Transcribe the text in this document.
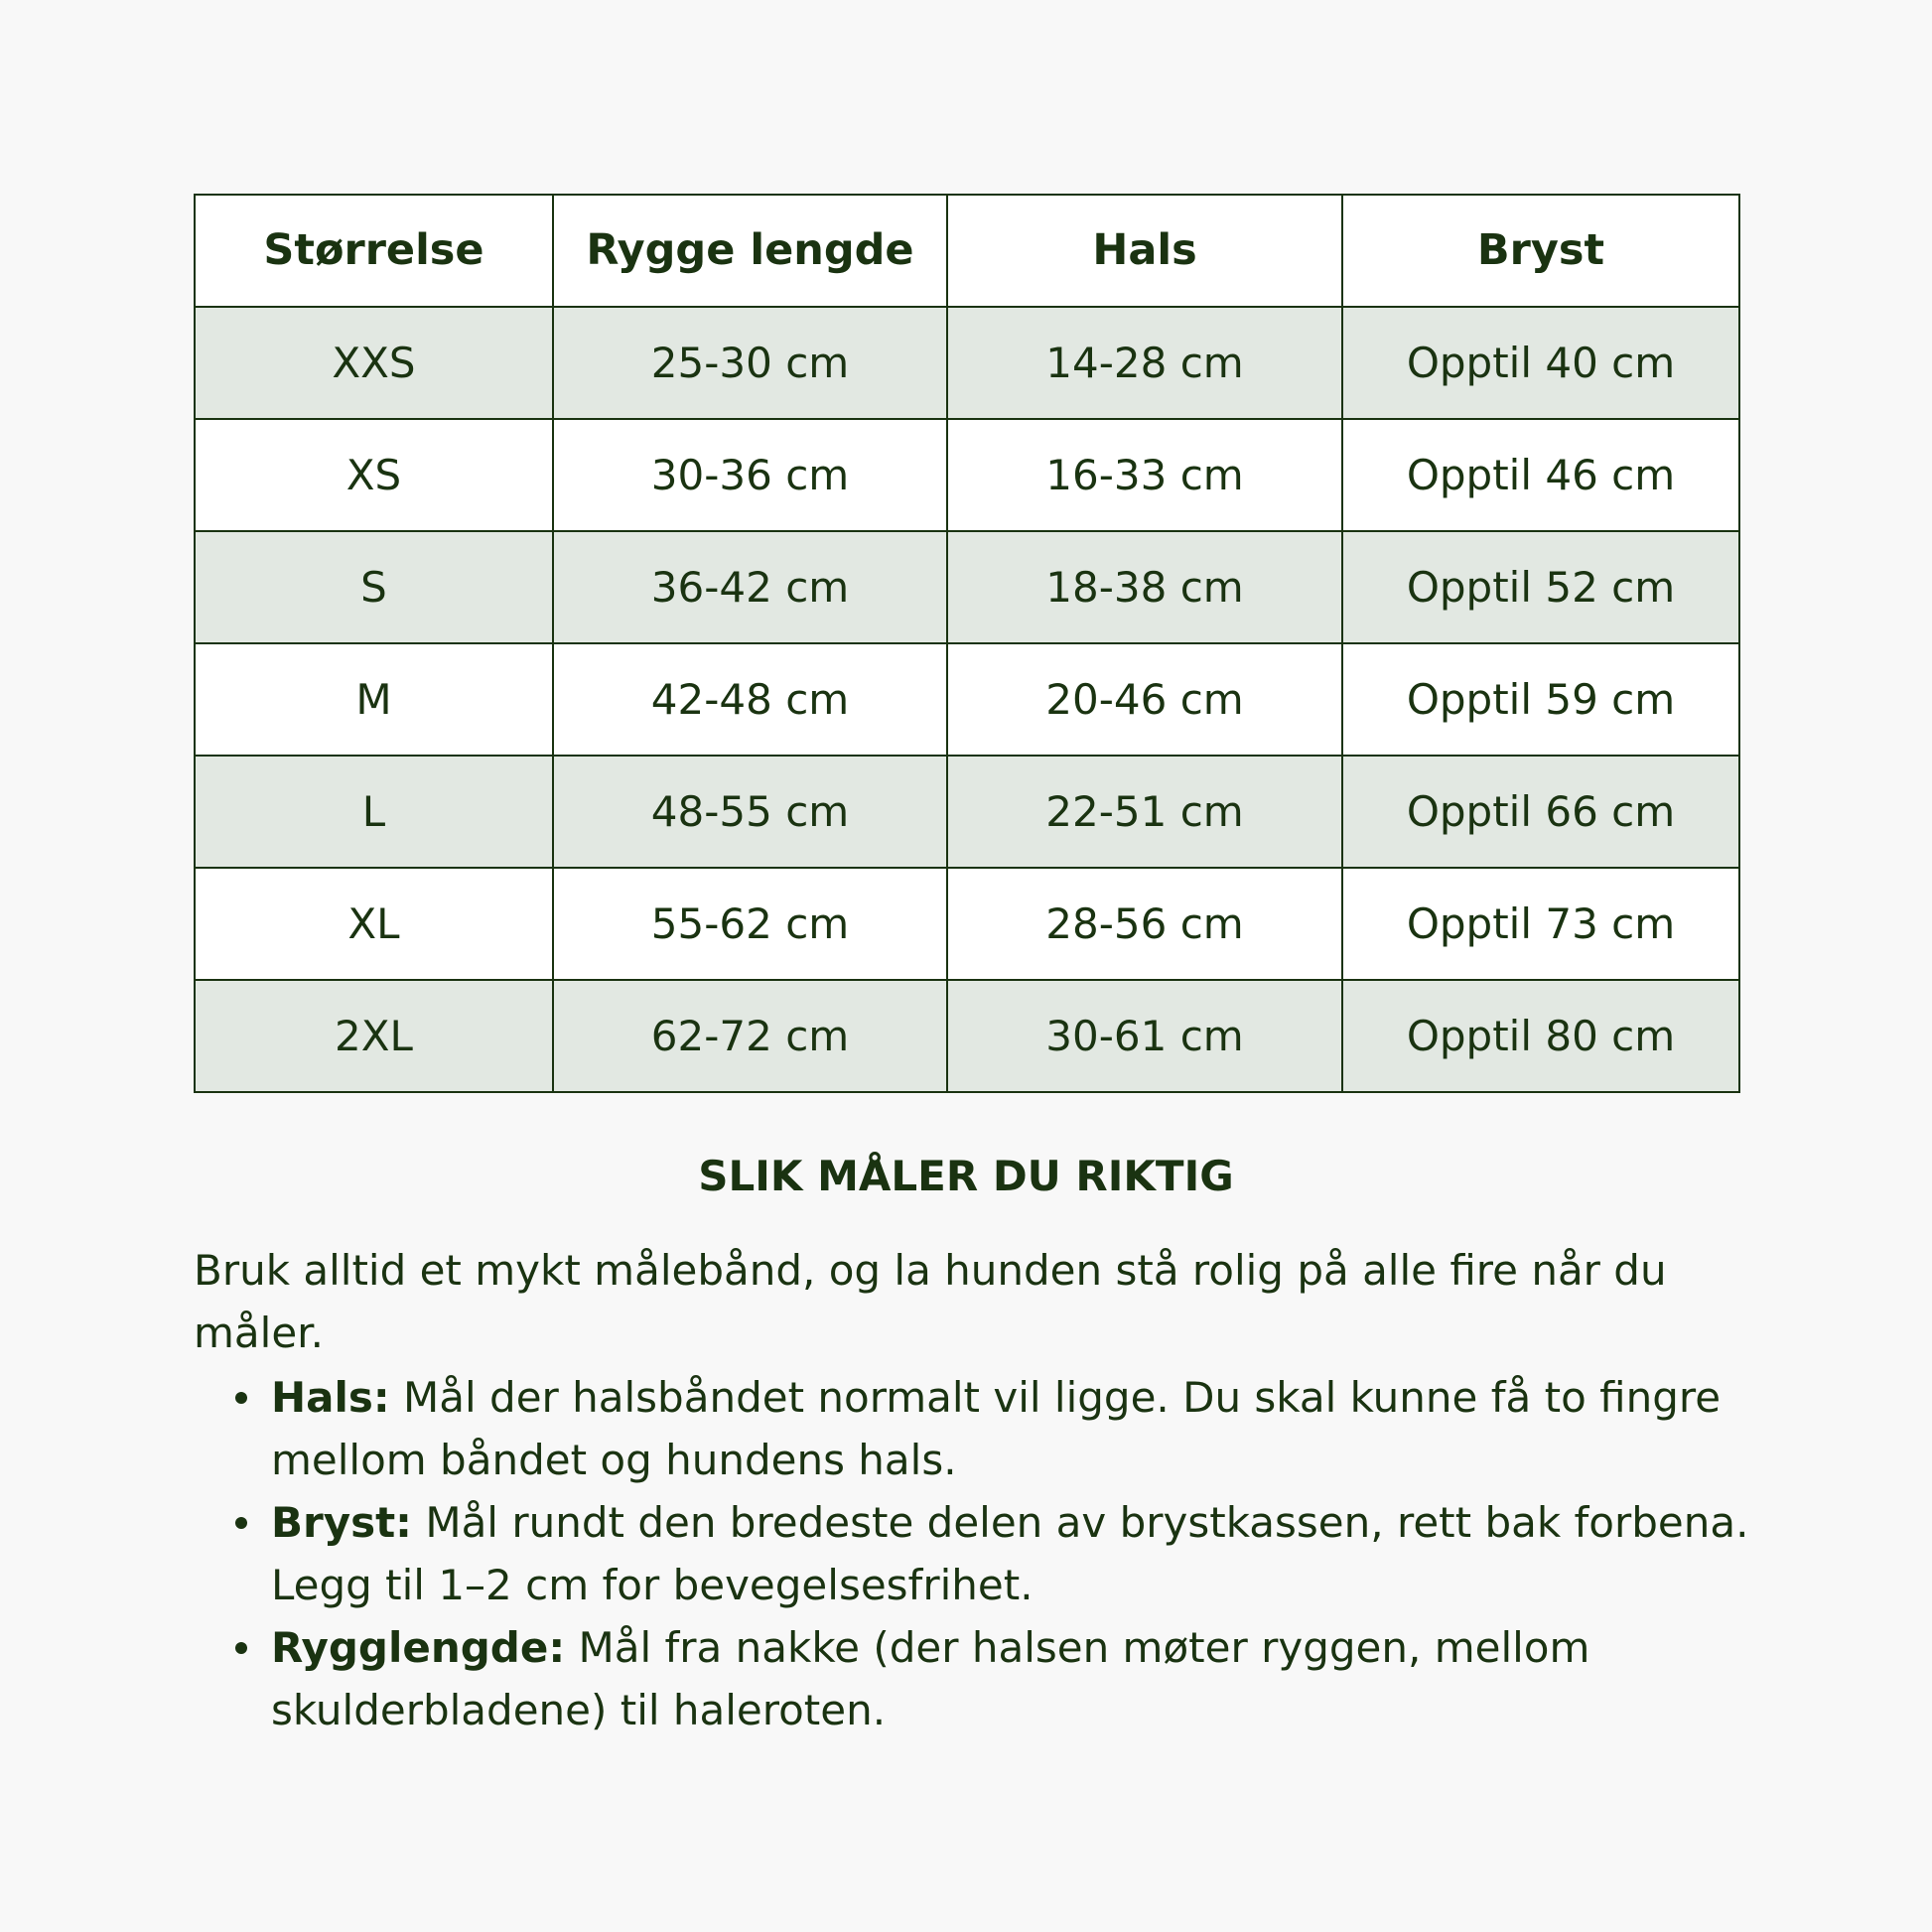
Størrelse	Rygge lengde	Hals	Bryst
XXS	25-30 cm	14-28 cm	Opptil 40 cm
XS	30-36 cm	16-33 cm	Opptil 46 cm
S	36-42 cm	18-38 cm	Opptil 52 cm
M	42-48 cm	20-46 cm	Opptil 59 cm
L	48-55 cm	22-51 cm	Opptil 66 cm
XL	55-62 cm	28-56 cm	Opptil 73 cm
2XL	62-72 cm	30-61 cm	Opptil 80 cm
SLIK MÅLER DU RIKTIG

Bruk alltid et mykt målebånd, og la hunden stå rolig på alle fire når du måler.

Hals: Mål der halsbåndet normalt vil ligge. Du skal kunne få to fingre mellom båndet og hundens hals.
Bryst: Mål rundt den bredeste delen av brystkassen, rett bak forbena. Legg til 1–2 cm for bevegelsesfrihet.
Rygglengde: Mål fra nakke (der halsen møter ryggen, mellom skulderbladene) til haleroten.
